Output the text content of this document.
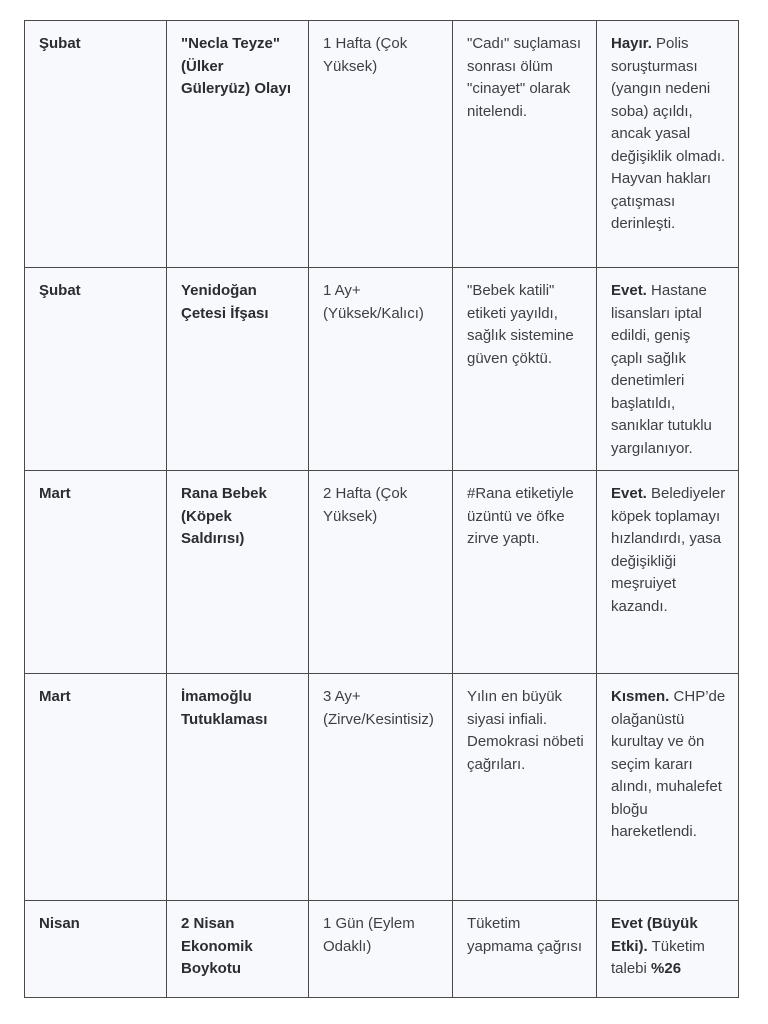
Şubat	"Necla Teyze" (Ülker Güleryüz) Olayı	1 Hafta (Çok Yüksek)	"Cadı" suçlaması sonrası ölüm "cinayet" olarak nitelendi.	Hayır. Polis soruşturması (yangın nedeni soba) açıldı, ancak yasal değişiklik olmadı. Hayvan hakları çatışması derinleşti.
Şubat	Yenidoğan Çetesi İfşası	1 Ay+ (Yüksek/Kalıcı)	"Bebek katili" etiketi yayıldı, sağlık sistemine güven çöktü.	Evet. Hastane lisansları iptal edildi, geniş çaplı sağlık denetimleri başlatıldı, sanıklar tutuklu yargılanıyor.
Mart	Rana Bebek (Köpek Saldırısı)	2 Hafta (Çok Yüksek)	#Rana etiketiyle üzüntü ve öfke zirve yaptı.	Evet. Belediyeler köpek toplamayı hızlandırdı, yasa değişikliği meşruiyet kazandı.
Mart	İmamoğlu Tutuklaması	3 Ay+ (Zirve/Kesintisiz)	Yılın en büyük siyasi infiali. Demokrasi nöbeti çağrıları.	Kısmen. CHP’de olağanüstü kurultay ve ön seçim kararı alındı, muhalefet bloğu hareketlendi.
Nisan	2 Nisan Ekonomik Boykotu	1 Gün (Eylem Odaklı)	Tüketim yapmama çağrısı	Evet (Büyük Etki). Tüketim talebi %26
